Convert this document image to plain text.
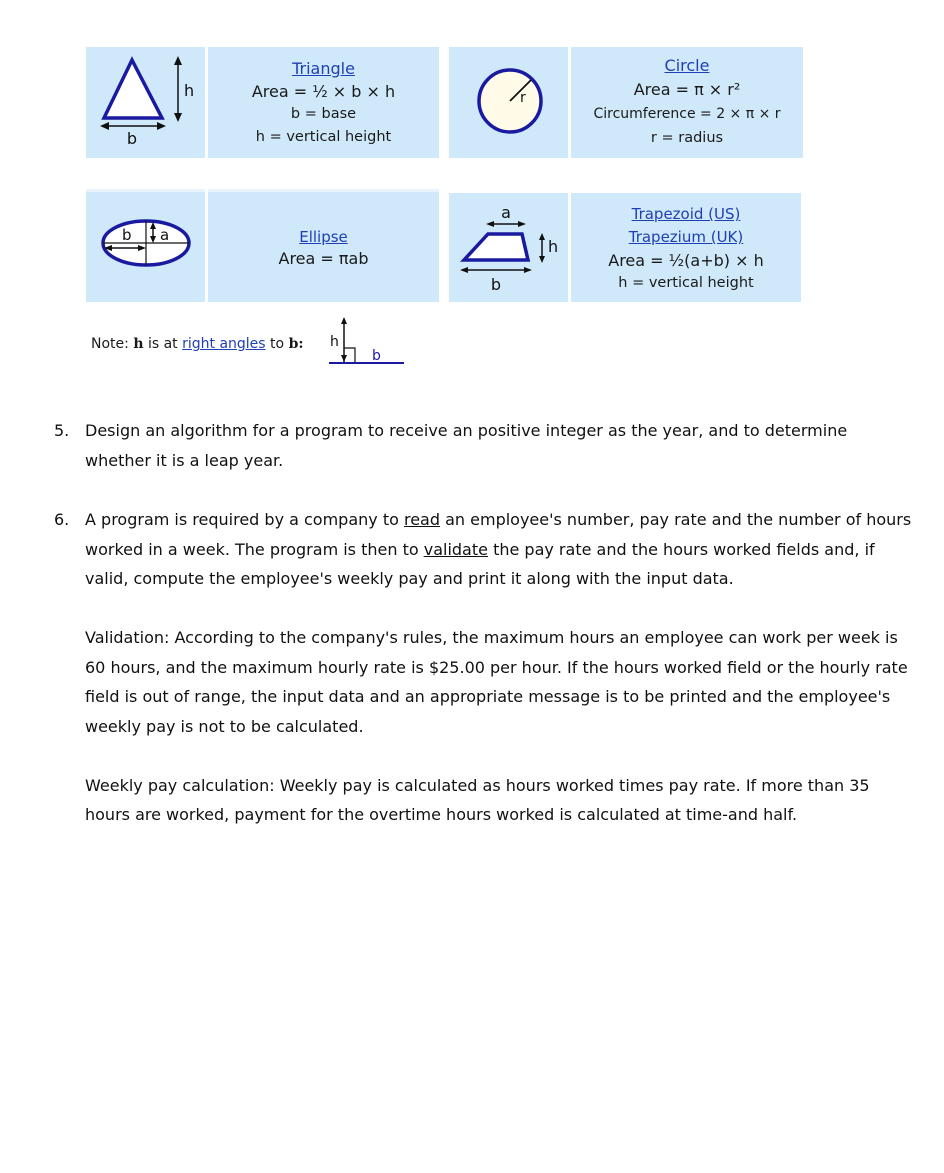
h
b
Triangle
Area = ½ × b × h
b = base
h = vertical height
r
Circle
Area = π × r²
Circumference = 2 × π × r
r = radius
b a	Ellipse
Area = πab
a
h
b
Trapezoid (US)
Trapezium (UK)
Area = ½(a+b) × h
h = vertical height
Note: h is at right angles to b: h
b
5. Design an algorithm for a program to receive an positive integer as the year, and to determine whether it is a leap year.
6. A program is required by a company to read an employee's number, pay rate and the number of hours worked in a week. The program is then to validate the pay rate and the hours worked fields and, if valid, compute the employee's weekly pay and print it along with the input data.
Validation: According to the company's rules, the maximum hours an employee can work per week is 60 hours, and the maximum hourly rate is $25.00 per hour. If the hours worked field or the hourly rate field is out of range, the input data and an appropriate message is to be printed and the employee's weekly pay is not to be calculated.
Weekly pay calculation: Weekly pay is calculated as hours worked times pay rate. If more than 35 hours are worked, payment for the overtime hours worked is calculated at time-and half.
